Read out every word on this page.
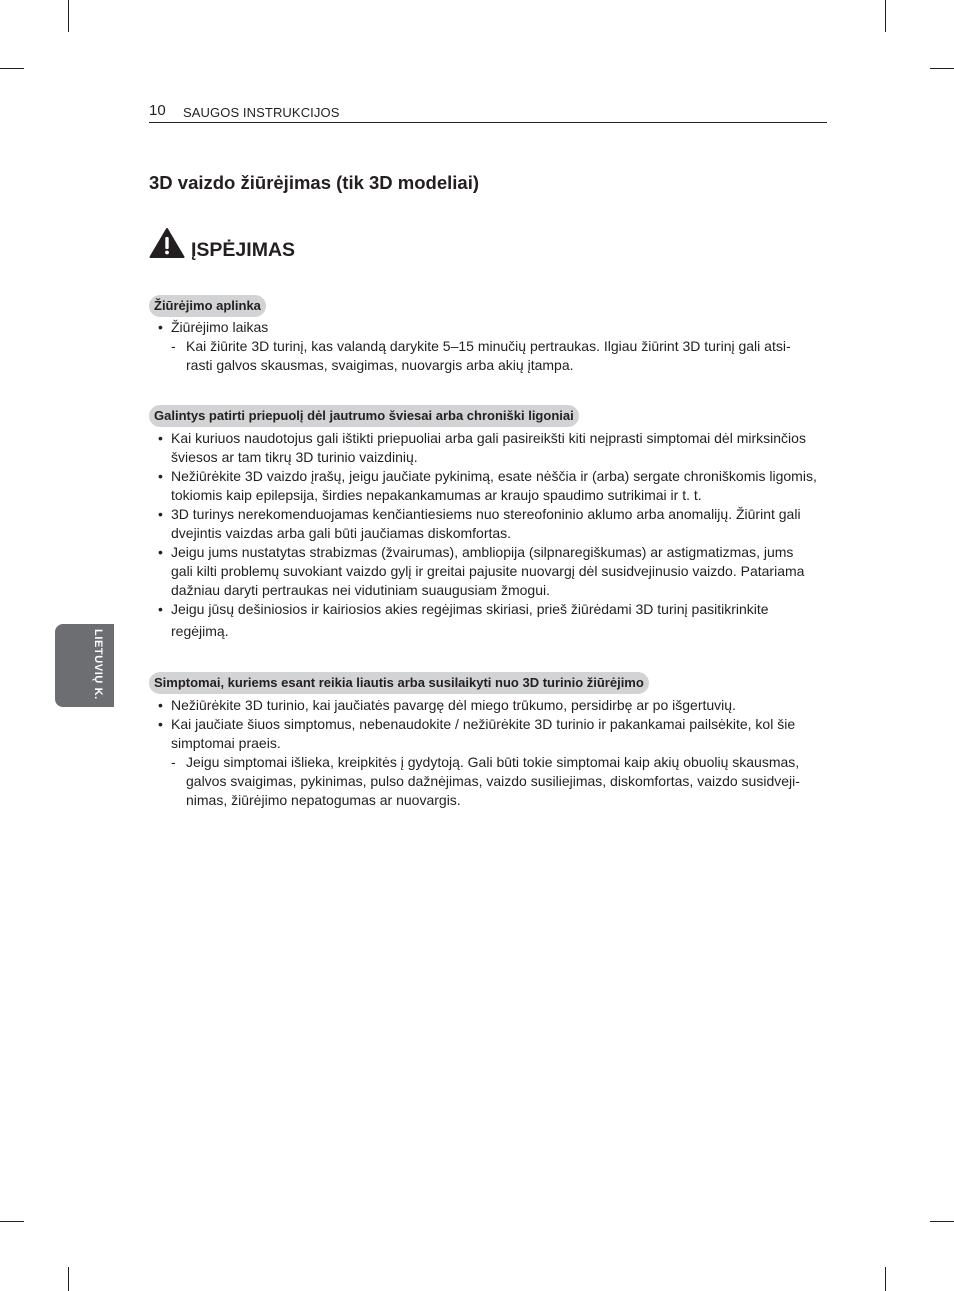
10 SAUGOS INSTRUKCIJOS
3D vaizdo žiūrėjimas (tik 3D modeliai)
ĮSPĖJIMAS
Žiūrėjimo aplinka
• Žiūrėjimo laikas
- Kai žiūrite 3D turinį, kas valandą darykite 5–15 minučių pertraukas. Ilgiau žiūrint 3D turinį gali atsi-
rasti galvos skausmas, svaigimas, nuovargis arba akių įtampa.
Galintys patirti priepuolį dėl jautrumo šviesai arba chroniški ligoniai
• Kai kuriuos naudotojus gali ištikti priepuoliai arba gali pasireikšti kiti neįprasti simptomai dėl mirksinčios
šviesos ar tam tikrų 3D turinio vaizdinių.
• Nežiūrėkite 3D vaizdo įrašų, jeigu jaučiate pykinimą, esate nėščia ir (arba) sergate chroniškomis ligomis,
tokiomis kaip epilepsija, širdies nepakankamumas ar kraujo spaudimo sutrikimai ir t. t.
• 3D turinys nerekomenduojamas kenčiantiesiems nuo stereofoninio aklumo arba anomalijų. Žiūrint gali
dvejintis vaizdas arba gali būti jaučiamas diskomfortas.
• Jeigu jums nustatytas strabizmas (žvairumas), ambliopija (silpnaregiškumas) ar astigmatizmas, jums
gali kilti problemų suvokiant vaizdo gylį ir greitai pajusite nuovargį dėl susidvejinusio vaizdo. Patariama
dažniau daryti pertraukas nei vidutiniam suaugusiam žmogui.
• Jeigu jūsų dešiniosios ir kairiosios akies regėjimas skiriasi, prieš žiūrėdami 3D turinį pasitikrinkite
regėjimą.
Simptomai, kuriems esant reikia liautis arba susilaikyti nuo 3D turinio žiūrėjimo
• Nežiūrėkite 3D turinio, kai jaučiatės pavargę dėl miego trūkumo, persidirbę ar po išgertuvių.
• Kai jaučiate šiuos simptomus, nebenaudokite / nežiūrėkite 3D turinio ir pakankamai pailsėkite, kol šie
simptomai praeis.
- Jeigu simptomai išlieka, kreipkitės į gydytoją. Gali būti tokie simptomai kaip akių obuolių skausmas,
galvos svaigimas, pykinimas, pulso dažnėjimas, vaizdo susiliejimas, diskomfortas, vaizdo susidveji-
nimas, žiūrėjimo nepatogumas ar nuovargis.
LIETUVIŲ K.
